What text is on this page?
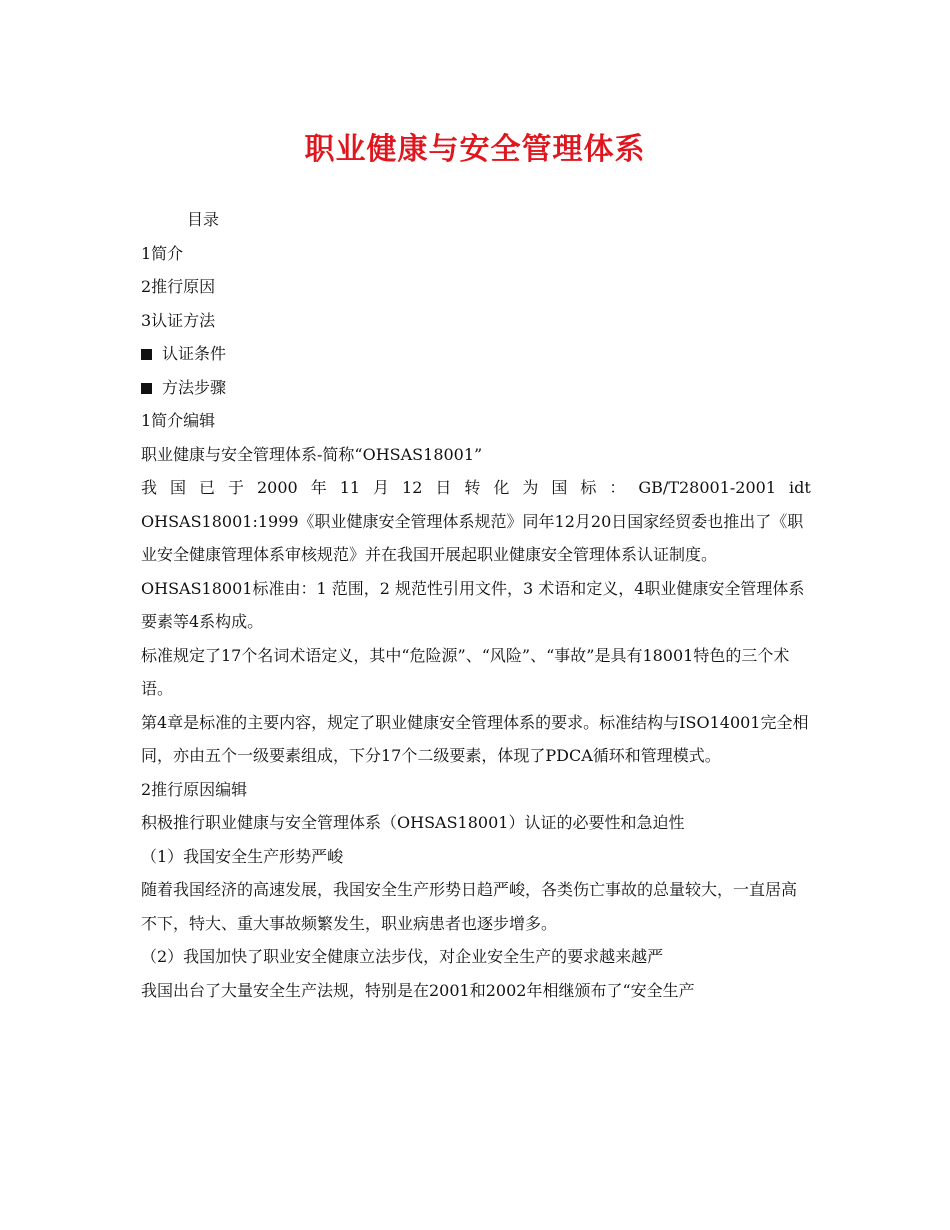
职业健康与安全管理体系
目录
1简介
2推行原因
3认证方法
认证条件
方法步骤
1简介编辑
职业健康与安全管理体系-简称“OHSAS18001”
我 国 已 于 2000 年 11 月 12 日 转 化 为 国 标 ： GB/T28001-2001 idt
OHSAS18001:1999《职业健康安全管理体系规范》同年12月20日国家经贸委也推出了《职业安全健康管理体系审核规范》并在我国开展起职业健康安全管理体系认证制度。
OHSAS18001标准由：1 范围，2 规范性引用文件，3 术语和定义，4职业健康安全管理体系要素等4系构成。
标准规定了17个名词术语定义，其中“危险源”、“风险”、“事故”是具有18001特色的三个术语。
第4章是标准的主要内容，规定了职业健康安全管理体系的要求。标准结构与ISO14001完全相同，亦由五个一级要素组成，下分17个二级要素，体现了PDCA循环和管理模式。
2推行原因编辑
积极推行职业健康与安全管理体系（OHSAS18001）认证的必要性和急迫性
（1）我国安全生产形势严峻
随着我国经济的高速发展，我国安全生产形势日趋严峻，各类伤亡事故的总量较大，一直居高不下，特大、重大事故频繁发生，职业病患者也逐步增多。
（2）我国加快了职业安全健康立法步伐，对企业安全生产的要求越来越严
我国出台了大量安全生产法规，特别是在2001和2002年相继颁布了“安全生产
